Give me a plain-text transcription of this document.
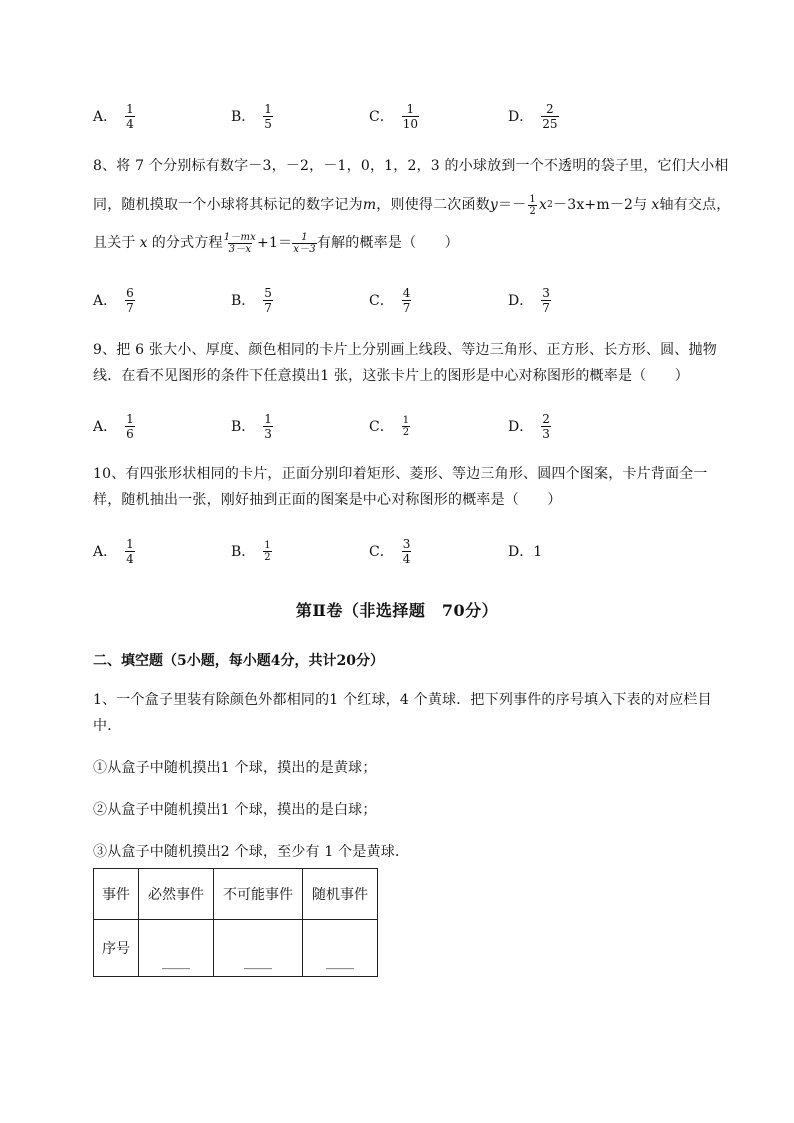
A． $\frac{1}{4}$	B． $\frac{1}{5}$	C． $\frac{1}{10}$	D． $\frac{2}{25}$
8、将 7 个分别标有数字－3，－2，－1，0，1，2，3 的小球放到一个不透明的袋子里，它们大小相
同，随机摸取一个小球将其标记的数字记为 m ，则使得二次函数 $y =- \frac{1}{2}$ x 2 －3x+m－2与 x 轴有交点，
且关于 x 的分式方程 $\frac{1-mx}{3-x} +1= \frac{1}{x-3}$ 有解的概率是（　　）
A． $\frac{6}{7}$	B． $\frac{5}{7}$	C． $\frac{4}{7}$	D． $\frac{3}{7}$
9、把 6 张大小、厚度、颜色相同的卡片上分别画上线段、等边三角形、正方形、长方形、圆、抛物
线．在看不见图形的条件下任意摸出1 张，这张卡片上的图形是中心对称图形的概率是（　　）
A． $\frac{1}{6}$	B． $\frac{1}{3}$	C． $\frac{1}{2}$	D． $\frac{2}{3}$
10、有四张形状相同的卡片，正面分别印着矩形、菱形、等边三角形、圆四个图案，卡片背面全一
样，随机抽出一张，刚好抽到正面的图案是中心对称图形的概率是（　　）
A． $\frac{1}{4}$	B． $\frac{1}{2}$	C． $\frac{3}{4}$	D．1
第Ⅱ卷（非选择题　70分）
二、填空题（5小题，每小题4分，共计20分）
1、一个盒子里装有除颜色外都相同的1 个红球，4 个黄球．把下列事件的序号填入下表的对应栏目
中．
①从盒子中随机摸出1 个球，摸出的是黄球；
②从盒子中随机摸出1 个球，摸出的是白球；
③从盒子中随机摸出2 个球，至少有 1 个是黄球．
事件	必然事件	不可能事件	随机事件
序号	____	____	____
